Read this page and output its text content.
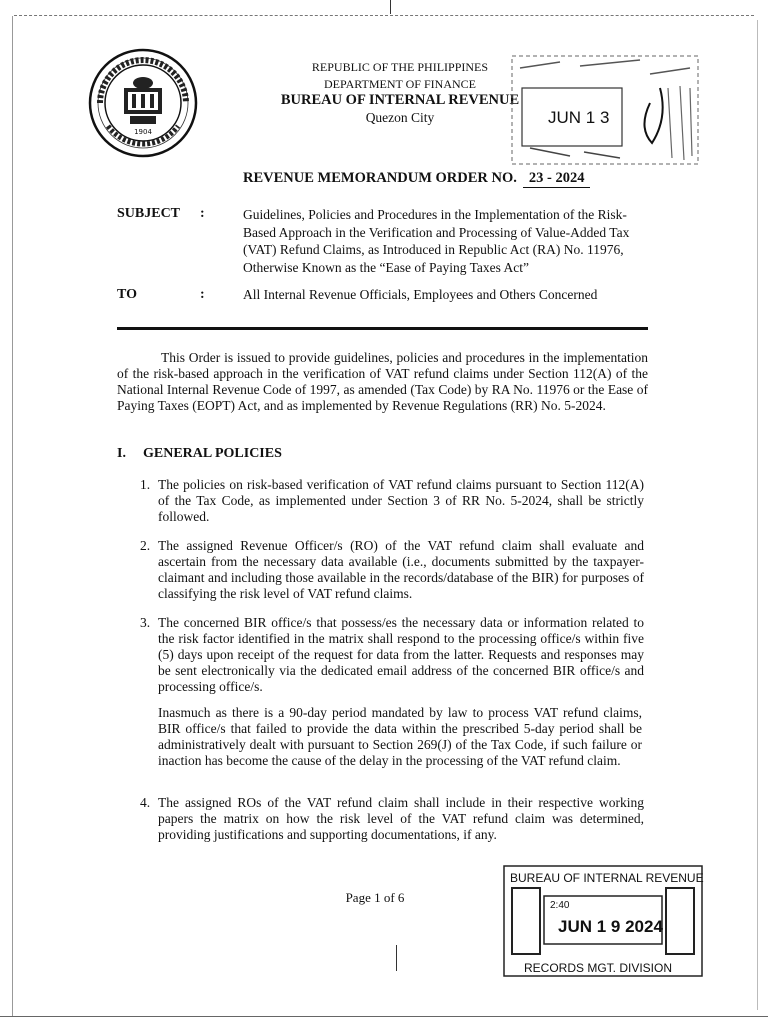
1904
REPUBLIC OF THE PHILIPPINES
DEPARTMENT OF FINANCE
BUREAU OF INTERNAL REVENUE
Quezon City	JUN 1 3
REVENUE MEMORANDUM ORDER NO. 23 - 2024
SUBJECT :	Guidelines, Policies and Procedures in the Implementation of the Risk-Based Approach in the Verification and Processing of Value-Added Tax (VAT) Refund Claims, as Introduced in Republic Act (RA) No. 11976, Otherwise Known as the “Ease of Paying Taxes Act”
TO	:	All Internal Revenue Officials, Employees and Others Concerned
This Order is issued to provide guidelines, policies and procedures in the implementation of the risk-based approach in the verification of VAT refund claims under Section 112(A) of the National Internal Revenue Code of 1997, as amended (Tax Code) by RA No. 11976 or the Ease of Paying Taxes (EOPT) Act, and as implemented by Revenue Regulations (RR) No. 5-2024.
I. GENERAL POLICIES
1. The policies on risk-based verification of VAT refund claims pursuant to Section 112(A) of the Tax Code, as implemented under Section 3 of RR No. 5-2024, shall be strictly followed.
2. The assigned Revenue Officer/s (RO) of the VAT refund claim shall evaluate and ascertain from the necessary data available (i.e., documents submitted by the taxpayer-claimant and including those available in the records/database of the BIR) for purposes of classifying the risk level of VAT refund claims.
3. The concerned BIR office/s that possess/es the necessary data or information related to the risk factor identified in the matrix shall respond to the processing office/s within five (5) days upon receipt of the request for data from the latter. Requests and responses may be sent electronically via the dedicated email address of the concerned BIR office/s and processing office/s.
Inasmuch as there is a 90-day period mandated by law to process VAT refund claims, BIR office/s that failed to provide the data within the prescribed 5-day period shall be administratively dealt with pursuant to Section 269(J) of the Tax Code, if such failure or inaction has become the cause of the delay in the processing of the VAT refund claim.
4. The assigned ROs of the VAT refund claim shall include in their respective working papers the matrix on how the risk level of the VAT refund claim was determined, providing justifications and supporting documentations, if any.
Page 1 of 6
BUREAU OF INTERNAL REVENUE
2:40
JUN 1 9 2024
RECORDS MGT. DIVISION
